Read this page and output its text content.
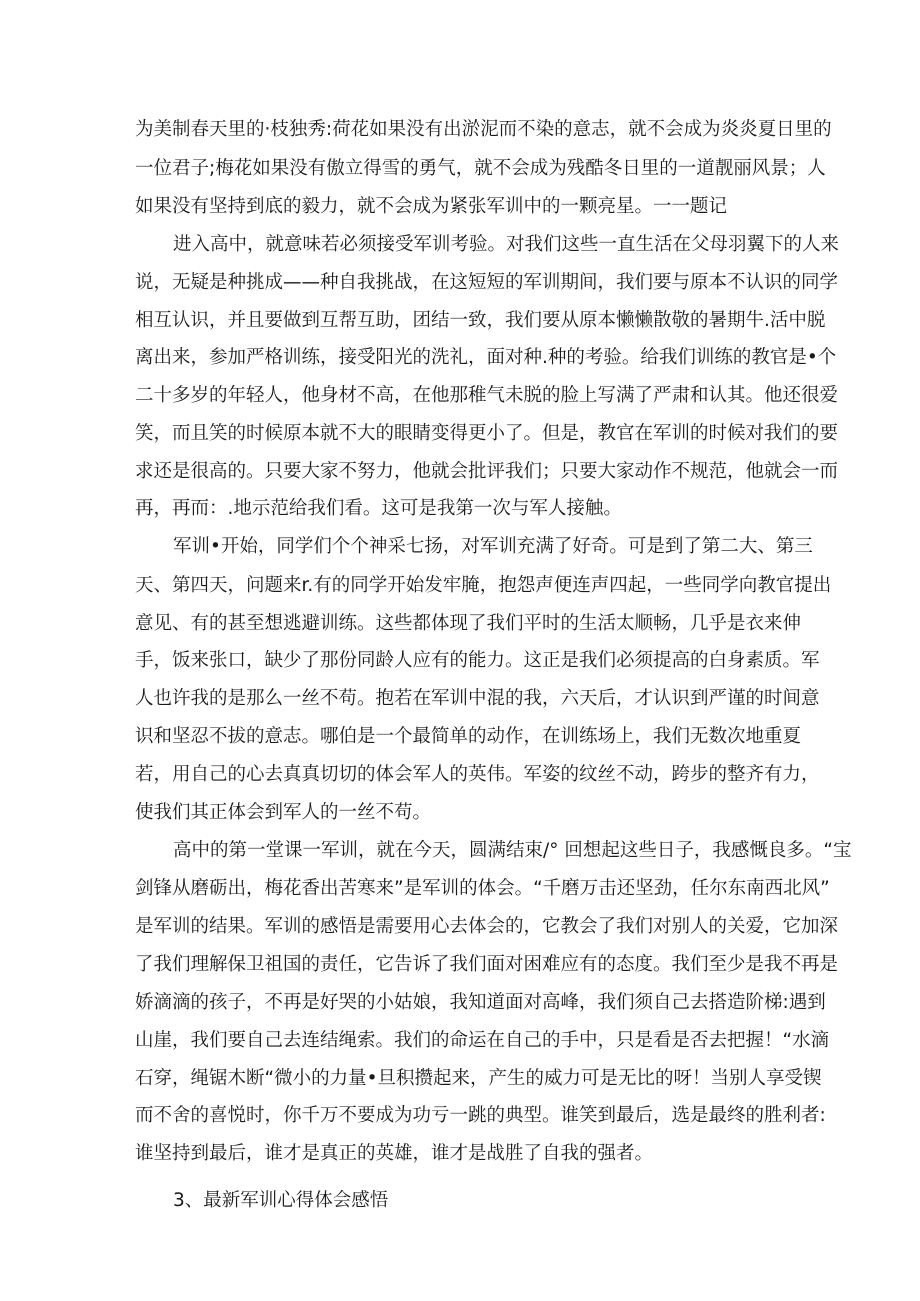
为美制春天里的·枝独秀:荷花如果没有出淤泥而不染的意志，就不会成为炎炎夏日里的
一位君子;梅花如果没有傲立得雪的勇气，就不会成为残酷冬日里的一道靓丽风景；人
如果没有坚持到底的毅力，就不会成为紧张军训中的一颗亮星。一一题记
进入高中，就意味若必须接受军训考验。对我们这些一直生活在父母羽翼下的人来
说，无疑是种挑成——种自我挑战，在这短短的军训期间，我们要与原本不认识的同学
相互认识，并且要做到互帮互助，团结一致，我们要从原本懒懒散敬的暑期牛.活中脱
离出来，参加严格训练，接受阳光的洗礼，面对种.种的考验。给我们训练的教官是•个
二十多岁的年轻人，他身材不高，在他那稚气未脱的脸上写满了严肃和认其。他还很爱
笑，而且笑的时候原本就不大的眼睛变得更小了。但是，教官在军训的时候对我们的要
求还是很高的。只要大家不努力，他就会批评我们；只要大家动作不规范，他就会一而
再，再而：.地示范给我们看。这可是我第一次与军人接触。
军训•开始，同学们个个神采七扬，对军训充满了好奇。可是到了第二大、第三
天、第四天，问题来r.有的同学开始发牢腌，抱怨声便连声四起，一些同学向教官提出
意见、有的甚至想逃避训练。这些都体现了我们平时的生活太顺畅，几乎是衣来伸
手，饭来张口，缺少了那份同龄人应有的能力。这正是我们必须提高的白身素质。军
人也许我的是那么一丝不苟。抱若在军训中混的我，六天后，才认识到严谨的时间意
识和坚忍不拔的意志。哪伯是一个最简单的动作，在训练场上，我们无数次地重夏
若，用自己的心去真真切切的体会军人的英伟。军姿的纹丝不动，跨步的整齐有力，
使我们其正体会到军人的一丝不苟。
高中的第一堂课一军训，就在今天，圆满结束/° 回想起这些日子，我感慨良多。“宝
剑锋从磨砺出，梅花香出苦寒来”是军训的体会。“千磨万击还坚劲，任尔东南西北风”
是军训的结果。军训的感悟是需要用心去体会的，它教会了我们对别人的关爱，它加深
了我们理解保卫祖国的责任，它告诉了我们面对困难应有的态度。我们至少是我不再是
娇滴滴的孩子，不再是好哭的小姑娘，我知道面对高峰，我们须自己去搭造阶梯:遇到
山崖，我们要自己去连结绳索。我们的命运在自己的手中，只是看是否去把握！“水滴
石穿，绳锯木断“微小的力量•旦积攒起来，产生的威力可是无比的呀！当别人享受锲
而不舍的喜悦时，你千万不要成为功亏一跳的典型。谁笑到最后，选是最终的胜利者:
谁坚持到最后，谁才是真正的英雄，谁才是战胜了自我的强者。
3、最新军训心得体会感悟
